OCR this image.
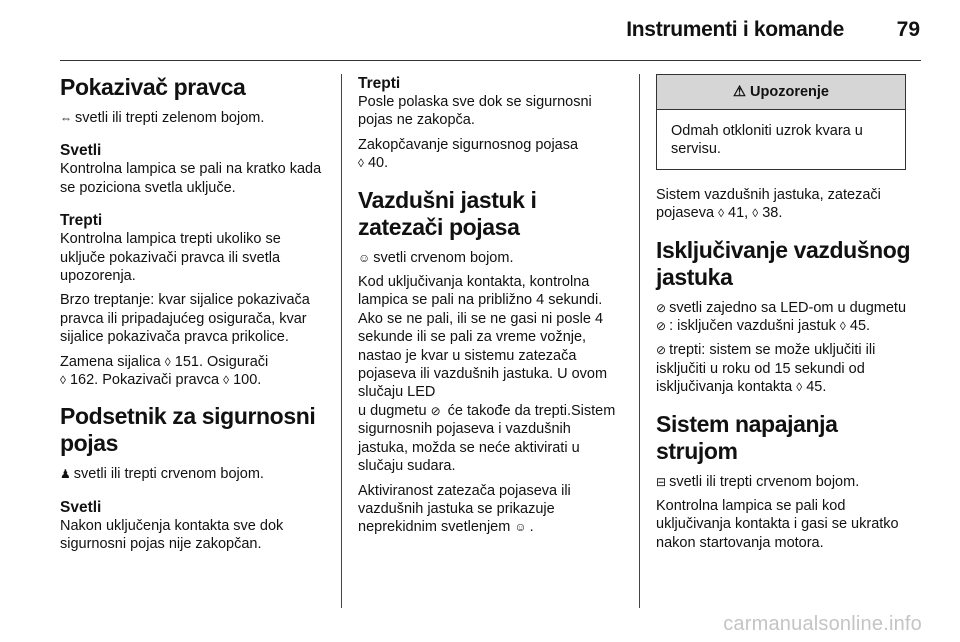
Instrumenti i komande	79
Pokazivač pravca

⇔ svetli ili trepti zelenom bojom.

Svetli

Kontrolna lampica se pali na kratko kada se poziciona svetla uključe.

Trepti

Kontrolna lampica trepti ukoliko se uključe pokazivači pravca ili svetla upozorenja.

Brzo treptanje: kvar sijalice pokazivača pravca ili pripadajućeg osigurača, kvar sijalice pokazivača pravca prikolice.

Zamena sijalica ◊ 151. Osigurači
◊ 162. Pokazivači pravca ◊ 100.

Podsetnik za sigurnosni pojas

♟ svetli ili trepti crvenom bojom.

Svetli

Nakon uključenja kontakta sve dok sigurnosni pojas nije zakopčan.

Trepti

Posle polaska sve dok se sigurnosni pojas ne zakopča.

Zakopčavanje sigurnosnog pojasa
◊ 40.

Vazdušni jastuk i zatezači pojasa

☺ svetli crvenom bojom.

Kod uključivanja kontakta, kontrolna lampica se pali na približno 4 sekundi. Ako se ne pali, ili se ne gasi ni posle 4 sekunde ili se pali za vreme vožnje, nastao je kvar u sistemu zatezača pojaseva ili vazdušnih jastuka. U ovom slučaju LED
u dugmetu ⊘ će takođe da trepti.Sistem sigurnosnih pojaseva i vazdušnih jastuka, možda se neće aktivirati u slučaju sudara.

Aktiviranost zatezača pojaseva ili vazdušnih jastuka se prikazuje neprekidnim svetlenjem ☺ .

⚠ Upozorenje
Odmah otkloniti uzrok kvara u servisu.

Sistem vazdušnih jastuka, zatezači pojaseva ◊ 41, ◊ 38.

Isključivanje vazdušnog jastuka

⊘ svetli zajedno sa LED-om u dugmetu ⊘ : isključen vazdušni jastuk ◊ 45.

⊘ trepti: sistem se može uključiti ili isključiti u roku od 15 sekundi od isključivanja kontakta ◊ 45.

Sistem napajanja strujom

⊟ svetli ili trepti crvenom bojom.

Kontrolna lampica se pali kod uključivanja kontakta i gasi se ukratko nakon startovanja motora.

carmanualsonline.info
